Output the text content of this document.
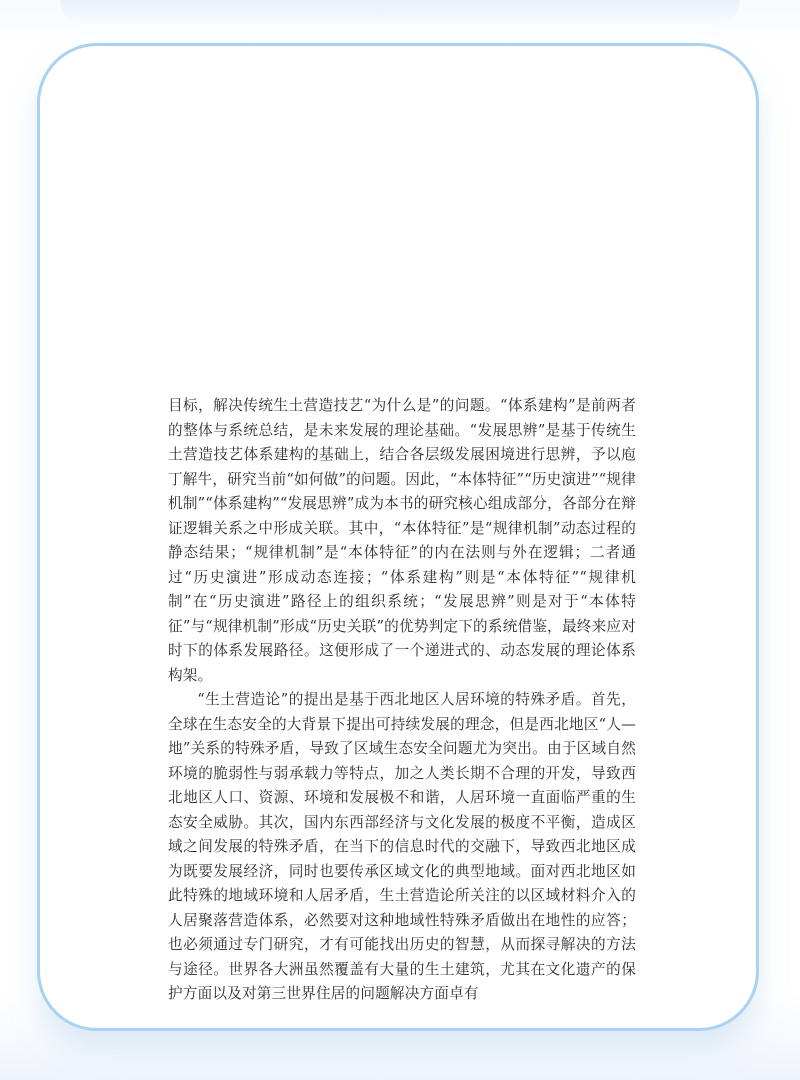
目标，解决传统生土营造技艺“为什么是”的问题。“体系建构”是前两者的整体与系统总结，是未来发展的理论基础。“发展思辨”是基于传统生土营造技艺体系建构的基础上，结合各层级发展困境进行思辨，予以庖丁解牛，研究当前“如何做”的问题。因此，“本体特征”“历史演进”“规律机制”“体系建构”“发展思辨”成为本书的研究核心组成部分，各部分在辩证逻辑关系之中形成关联。其中，“本体特征”是“规律机制”动态过程的静态结果；“规律机制”是“本体特征”的内在法则与外在逻辑；二者通过“历史演进”形成动态连接；“体系建构”则是“本体特征”“规律机制”在“历史演进”路径上的组织系统；“发展思辨”则是对于“本体特征”与“规律机制”形成“历史关联”的优势判定下的系统借鉴，最终来应对时下的体系发展路径。这便形成了一个递进式的、动态发展的理论体系构架。

“生土营造论”的提出是基于西北地区人居环境的特殊矛盾。首先，全球在生态安全的大背景下提出可持续发展的理念，但是西北地区“人—地”关系的特殊矛盾，导致了区域生态安全问题尤为突出。由于区域自然环境的脆弱性与弱承载力等特点，加之人类长期不合理的开发，导致西北地区人口、资源、环境和发展极不和谐，人居环境一直面临严重的生态安全威胁。其次，国内东西部经济与文化发展的极度不平衡，造成区域之间发展的特殊矛盾，在当下的信息时代的交融下，导致西北地区成为既要发展经济，同时也要传承区域文化的典型地域。面对西北地区如此特殊的地域环境和人居矛盾，生土营造论所关注的以区域材料介入的人居聚落营造体系，必然要对这种地域性特殊矛盾做出在地性的应答；也必须通过专门研究，才有可能找出历史的智慧，从而探寻解决的方法与途径。世界各大洲虽然覆盖有大量的生土建筑，尤其在文化遗产的保护方面以及对第三世界住居的问题解决方面卓有
